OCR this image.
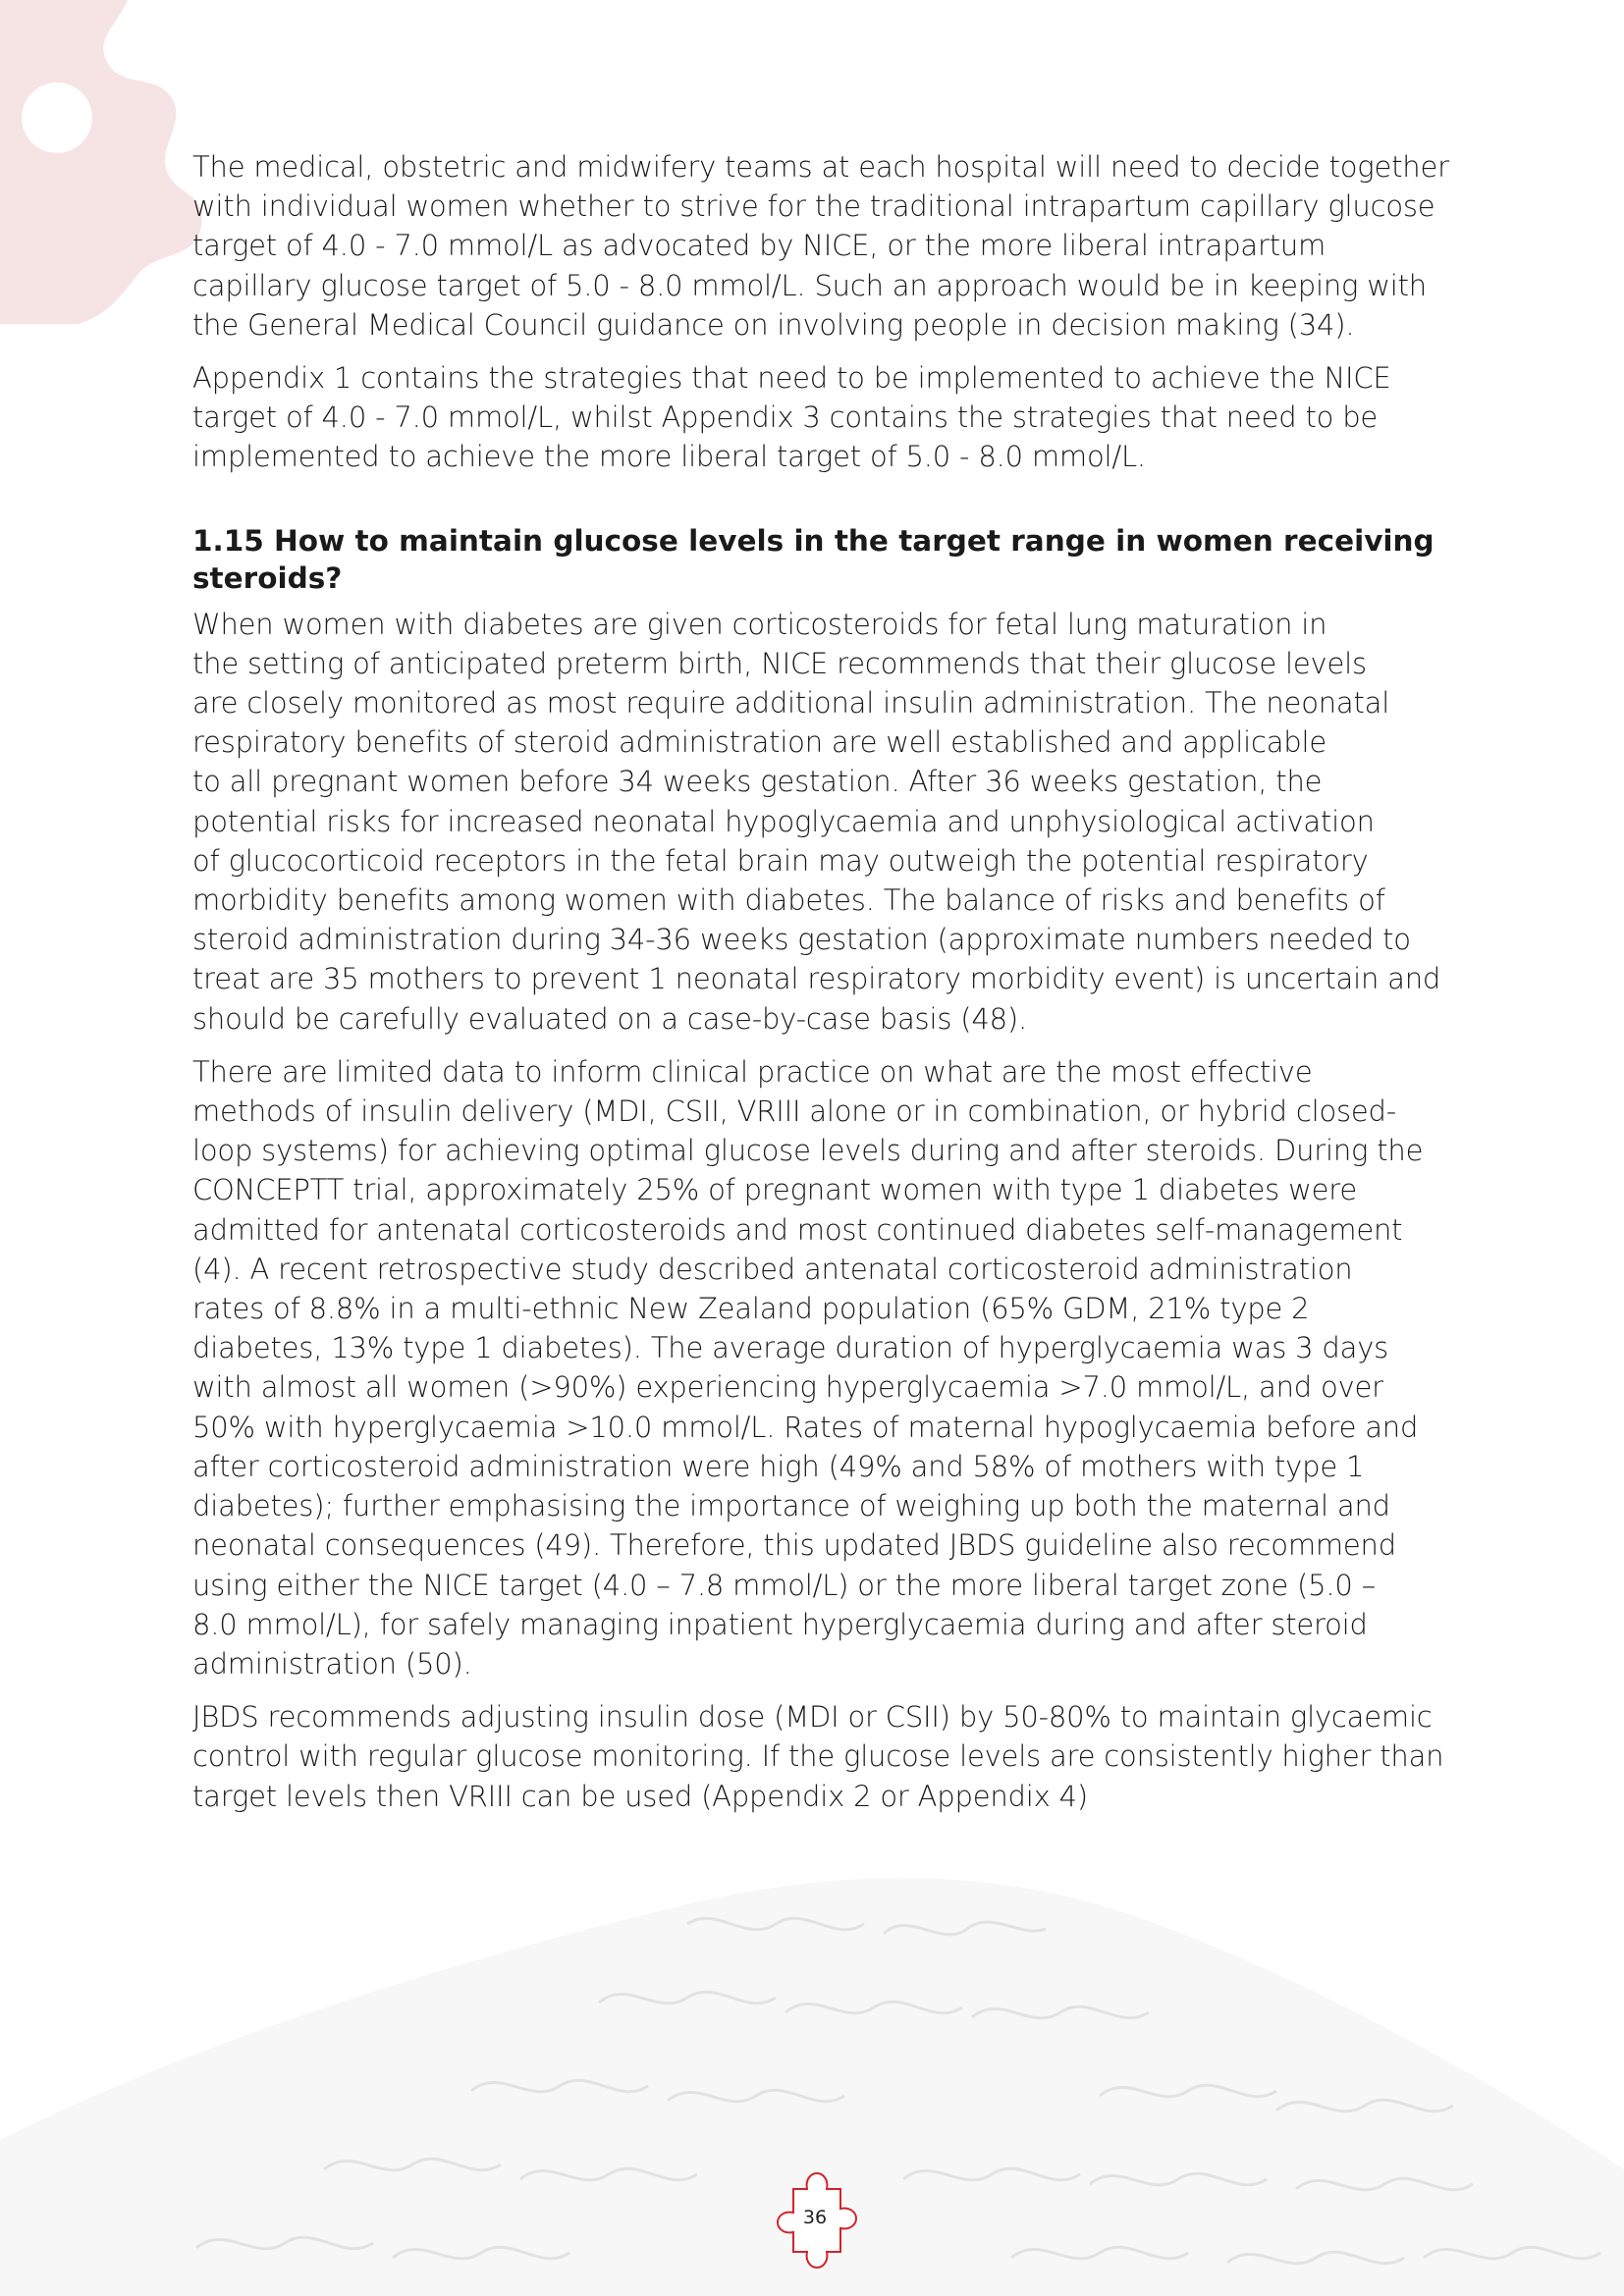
The medical, obstetric and midwifery teams at each hospital will need to decide together
with individual women whether to strive for the traditional intrapartum capillary glucose
target of 4.0 - 7.0 mmol/L as advocated by NICE, or the more liberal intrapartum
capillary glucose target of 5.0 - 8.0 mmol/L. Such an approach would be in keeping with
the General Medical Council guidance on involving people in decision making (34).

Appendix 1 contains the strategies that need to be implemented to achieve the NICE
target of 4.0 - 7.0 mmol/L, whilst Appendix 3 contains the strategies that need to be
implemented to achieve the more liberal target of 5.0 - 8.0 mmol/L.

1.15 How to maintain glucose levels in the target range in women receiving
steroids?

When women with diabetes are given corticosteroids for fetal lung maturation in
the setting of anticipated preterm birth, NICE recommends that their glucose levels
are closely monitored as most require additional insulin administration. The neonatal
respiratory benefits of steroid administration are well established and applicable
to all pregnant women before 34 weeks gestation. After 36 weeks gestation, the
potential risks for increased neonatal hypoglycaemia and unphysiological activation
of glucocorticoid receptors in the fetal brain may outweigh the potential respiratory
morbidity benefits among women with diabetes. The balance of risks and benefits of
steroid administration during 34-36 weeks gestation (approximate numbers needed to
treat are 35 mothers to prevent 1 neonatal respiratory morbidity event) is uncertain and
should be carefully evaluated on a case-by-case basis (48).

There are limited data to inform clinical practice on what are the most effective
methods of insulin delivery (MDI, CSII, VRIII alone or in combination, or hybrid closed-
loop systems) for achieving optimal glucose levels during and after steroids. During the
CONCEPTT trial, approximately 25% of pregnant women with type 1 diabetes were
admitted for antenatal corticosteroids and most continued diabetes self-management
(4). A recent retrospective study described antenatal corticosteroid administration
rates of 8.8% in a multi-ethnic New Zealand population (65% GDM, 21% type 2
diabetes, 13% type 1 diabetes). The average duration of hyperglycaemia was 3 days
with almost all women (>90%) experiencing hyperglycaemia >7.0 mmol/L, and over
50% with hyperglycaemia >10.0 mmol/L. Rates of maternal hypoglycaemia before and
after corticosteroid administration were high (49% and 58% of mothers with type 1
diabetes); further emphasising the importance of weighing up both the maternal and
neonatal consequences (49). Therefore, this updated JBDS guideline also recommend
using either the NICE target (4.0 – 7.8 mmol/L) or the more liberal target zone (5.0 –
8.0 mmol/L), for safely managing inpatient hyperglycaemia during and after steroid
administration (50).

JBDS recommends adjusting insulin dose (MDI or CSII) by 50-80% to maintain glycaemic
control with regular glucose monitoring. If the glucose levels are consistently higher than
target levels then VRIII can be used (Appendix 2 or Appendix 4)

36
